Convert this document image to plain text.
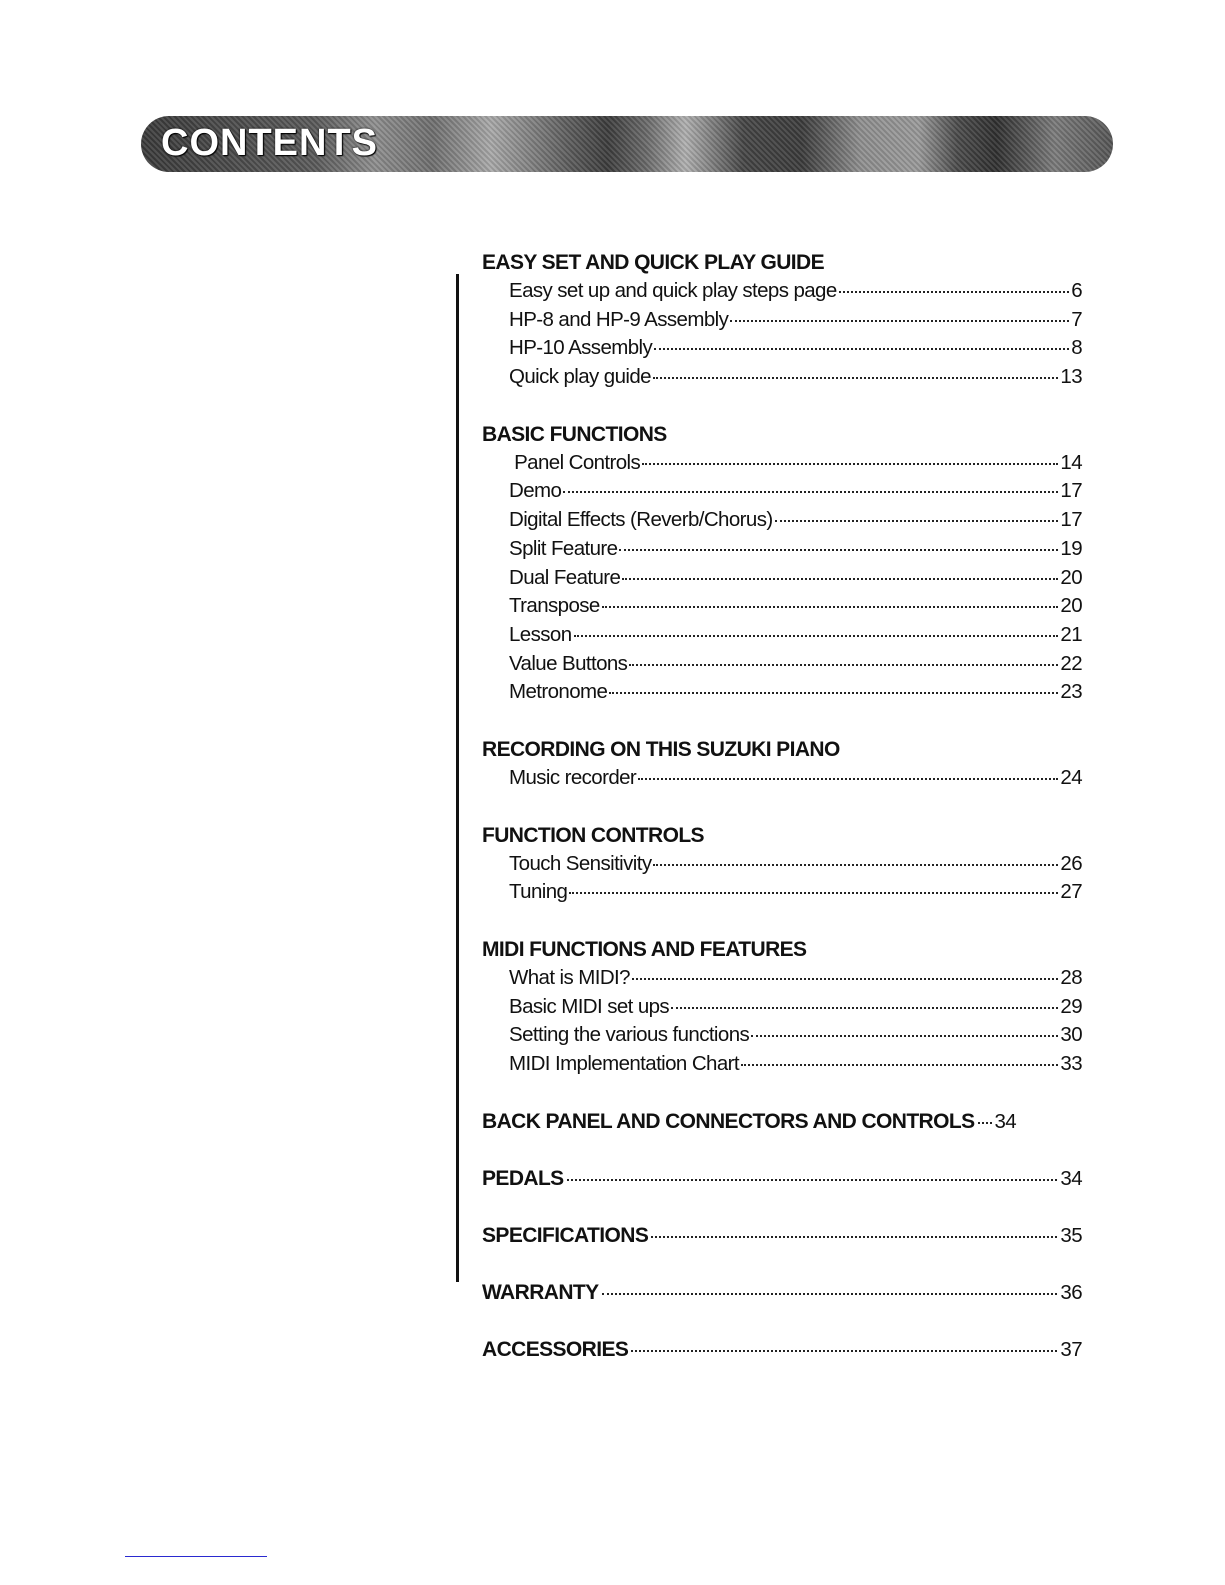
CONTENTS
EASY SET AND QUICK PLAY GUIDE
Easy set up and quick play steps page	6
HP-8 and HP-9 Assembly	7
HP-10 Assembly	8
Quick play guide	13
BASIC FUNCTIONS
Panel Controls	14
Demo	17
Digital Effects (Reverb/Chorus)	17
Split Feature	19
Dual Feature	20
Transpose	20
Lesson	21
Value Buttons	22
Metronome	23
RECORDING ON THIS SUZUKI PIANO
Music recorder	24
FUNCTION CONTROLS
Touch Sensitivity	26
Tuning	27
MIDI FUNCTIONS AND FEATURES
What is MIDI?	28
Basic MIDI set ups	29
Setting the various functions	30
MIDI Implementation Chart	33
BACK PANEL AND CONNECTORS AND CONTROLS 34
PEDALS	34
SPECIFICATIONS	35
WARRANTY	36
ACCESSORIES	37
